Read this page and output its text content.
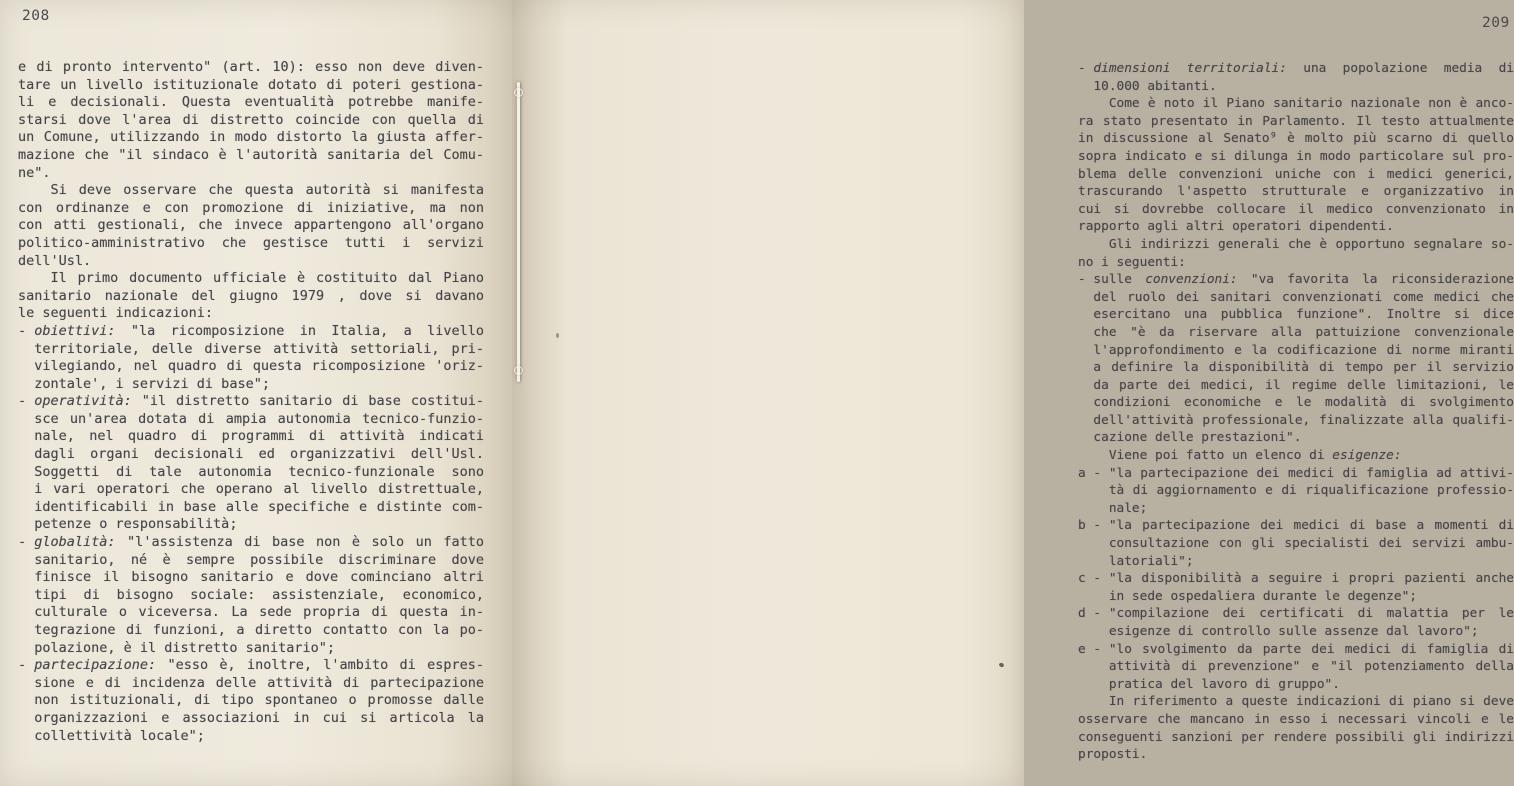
208
e di pronto intervento" (art. 10): esso non deve diven-
tare un livello istituzionale dotato di poteri gestiona-
li e decisionali. Questa eventualità potrebbe manife-
starsi dove l'area di distretto coincide con quella di
un Comune, utilizzando in modo distorto la giusta affer-
mazione che "il sindaco è l'autorità sanitaria del Comu-
ne".
Si deve osservare che questa autorità si manifesta
con ordinanze e con promozione di iniziative, ma non
con atti gestionali, che invece appartengono all'organo
politico-amministrativo che gestisce tutti i servizi
dell'Usl.
Il primo documento ufficiale è costituito dal Piano
sanitario nazionale del giugno 1979 , dove si davano
le seguenti indicazioni:
- obiettivi: "la ricomposizione in Italia, a livello
territoriale, delle diverse attività settoriali, pri-
vilegiando, nel quadro di questa ricomposizione 'oriz-
zontale', i servizi di base";
- operatività: "il distretto sanitario di base costitui-
sce un'area dotata di ampia autonomia tecnico-funzio-
nale, nel quadro di programmi di attività indicati
dagli organi decisionali ed organizzativi dell'Usl.
Soggetti di tale autonomia tecnico-funzionale sono
i vari operatori che operano al livello distrettuale,
identificabili in base alle specifiche e distinte com-
petenze o responsabilità;
- globalità: "l'assistenza di base non è solo un fatto
sanitario, né è sempre possibile discriminare dove
finisce il bisogno sanitario e dove cominciano altri
tipi di bisogno sociale: assistenziale, economico,
culturale o viceversa. La sede propria di questa in-
tegrazione di funzioni, a diretto contatto con la po-
polazione, è il distretto sanitario";
- partecipazione: "esso è, inoltre, l'ambito di espres-
sione e di incidenza delle attività di partecipazione
non istituzionali, di tipo spontaneo o promosse dalle
organizzazioni e associazioni in cui si articola la
collettività locale";
209
- dimensioni territoriali: una popolazione media di
10.000 abitanti.
Come è noto il Piano sanitario nazionale non è anco-
ra stato presentato in Parlamento. Il testo attualmente
in discussione al Senato⁹ è molto più scarno di quello
sopra indicato e si dilunga in modo particolare sul pro-
blema delle convenzioni uniche con i medici generici,
trascurando l'aspetto strutturale e organizzativo in
cui si dovrebbe collocare il medico convenzionato in
rapporto agli altri operatori dipendenti.
Gli indirizzi generali che è opportuno segnalare so-
no i seguenti:
- sulle convenzioni: "va favorita la riconsiderazione
del ruolo dei sanitari convenzionati come medici che
esercitano una pubblica funzione". Inoltre si dice
che "è da riservare alla pattuizione convenzionale
l'approfondimento e la codificazione di norme miranti
a definire la disponibilità di tempo per il servizio
da parte dei medici, il regime delle limitazioni, le
condizioni economiche e le modalità di svolgimento
dell'attività professionale, finalizzate alla qualifi-
cazione delle prestazioni".
Viene poi fatto un elenco di esigenze:
a - "la partecipazione dei medici di famiglia ad attivi-
tà di aggiornamento e di riqualificazione professio-
nale;
b - "la partecipazione dei medici di base a momenti di
consultazione con gli specialisti dei servizi ambu-
latoriali";
c - "la disponibilità a seguire i propri pazienti anche
in sede ospedaliera durante le degenze";
d - "compilazione dei certificati di malattia per le
esigenze di controllo sulle assenze dal lavoro";
e - "lo svolgimento da parte dei medici di famiglia di
attività di prevenzione" e "il potenziamento della
pratica del lavoro di gruppo".
In riferimento a queste indicazioni di piano si deve
osservare che mancano in esso i necessari vincoli e le
conseguenti sanzioni per rendere possibili gli indirizzi
proposti.
